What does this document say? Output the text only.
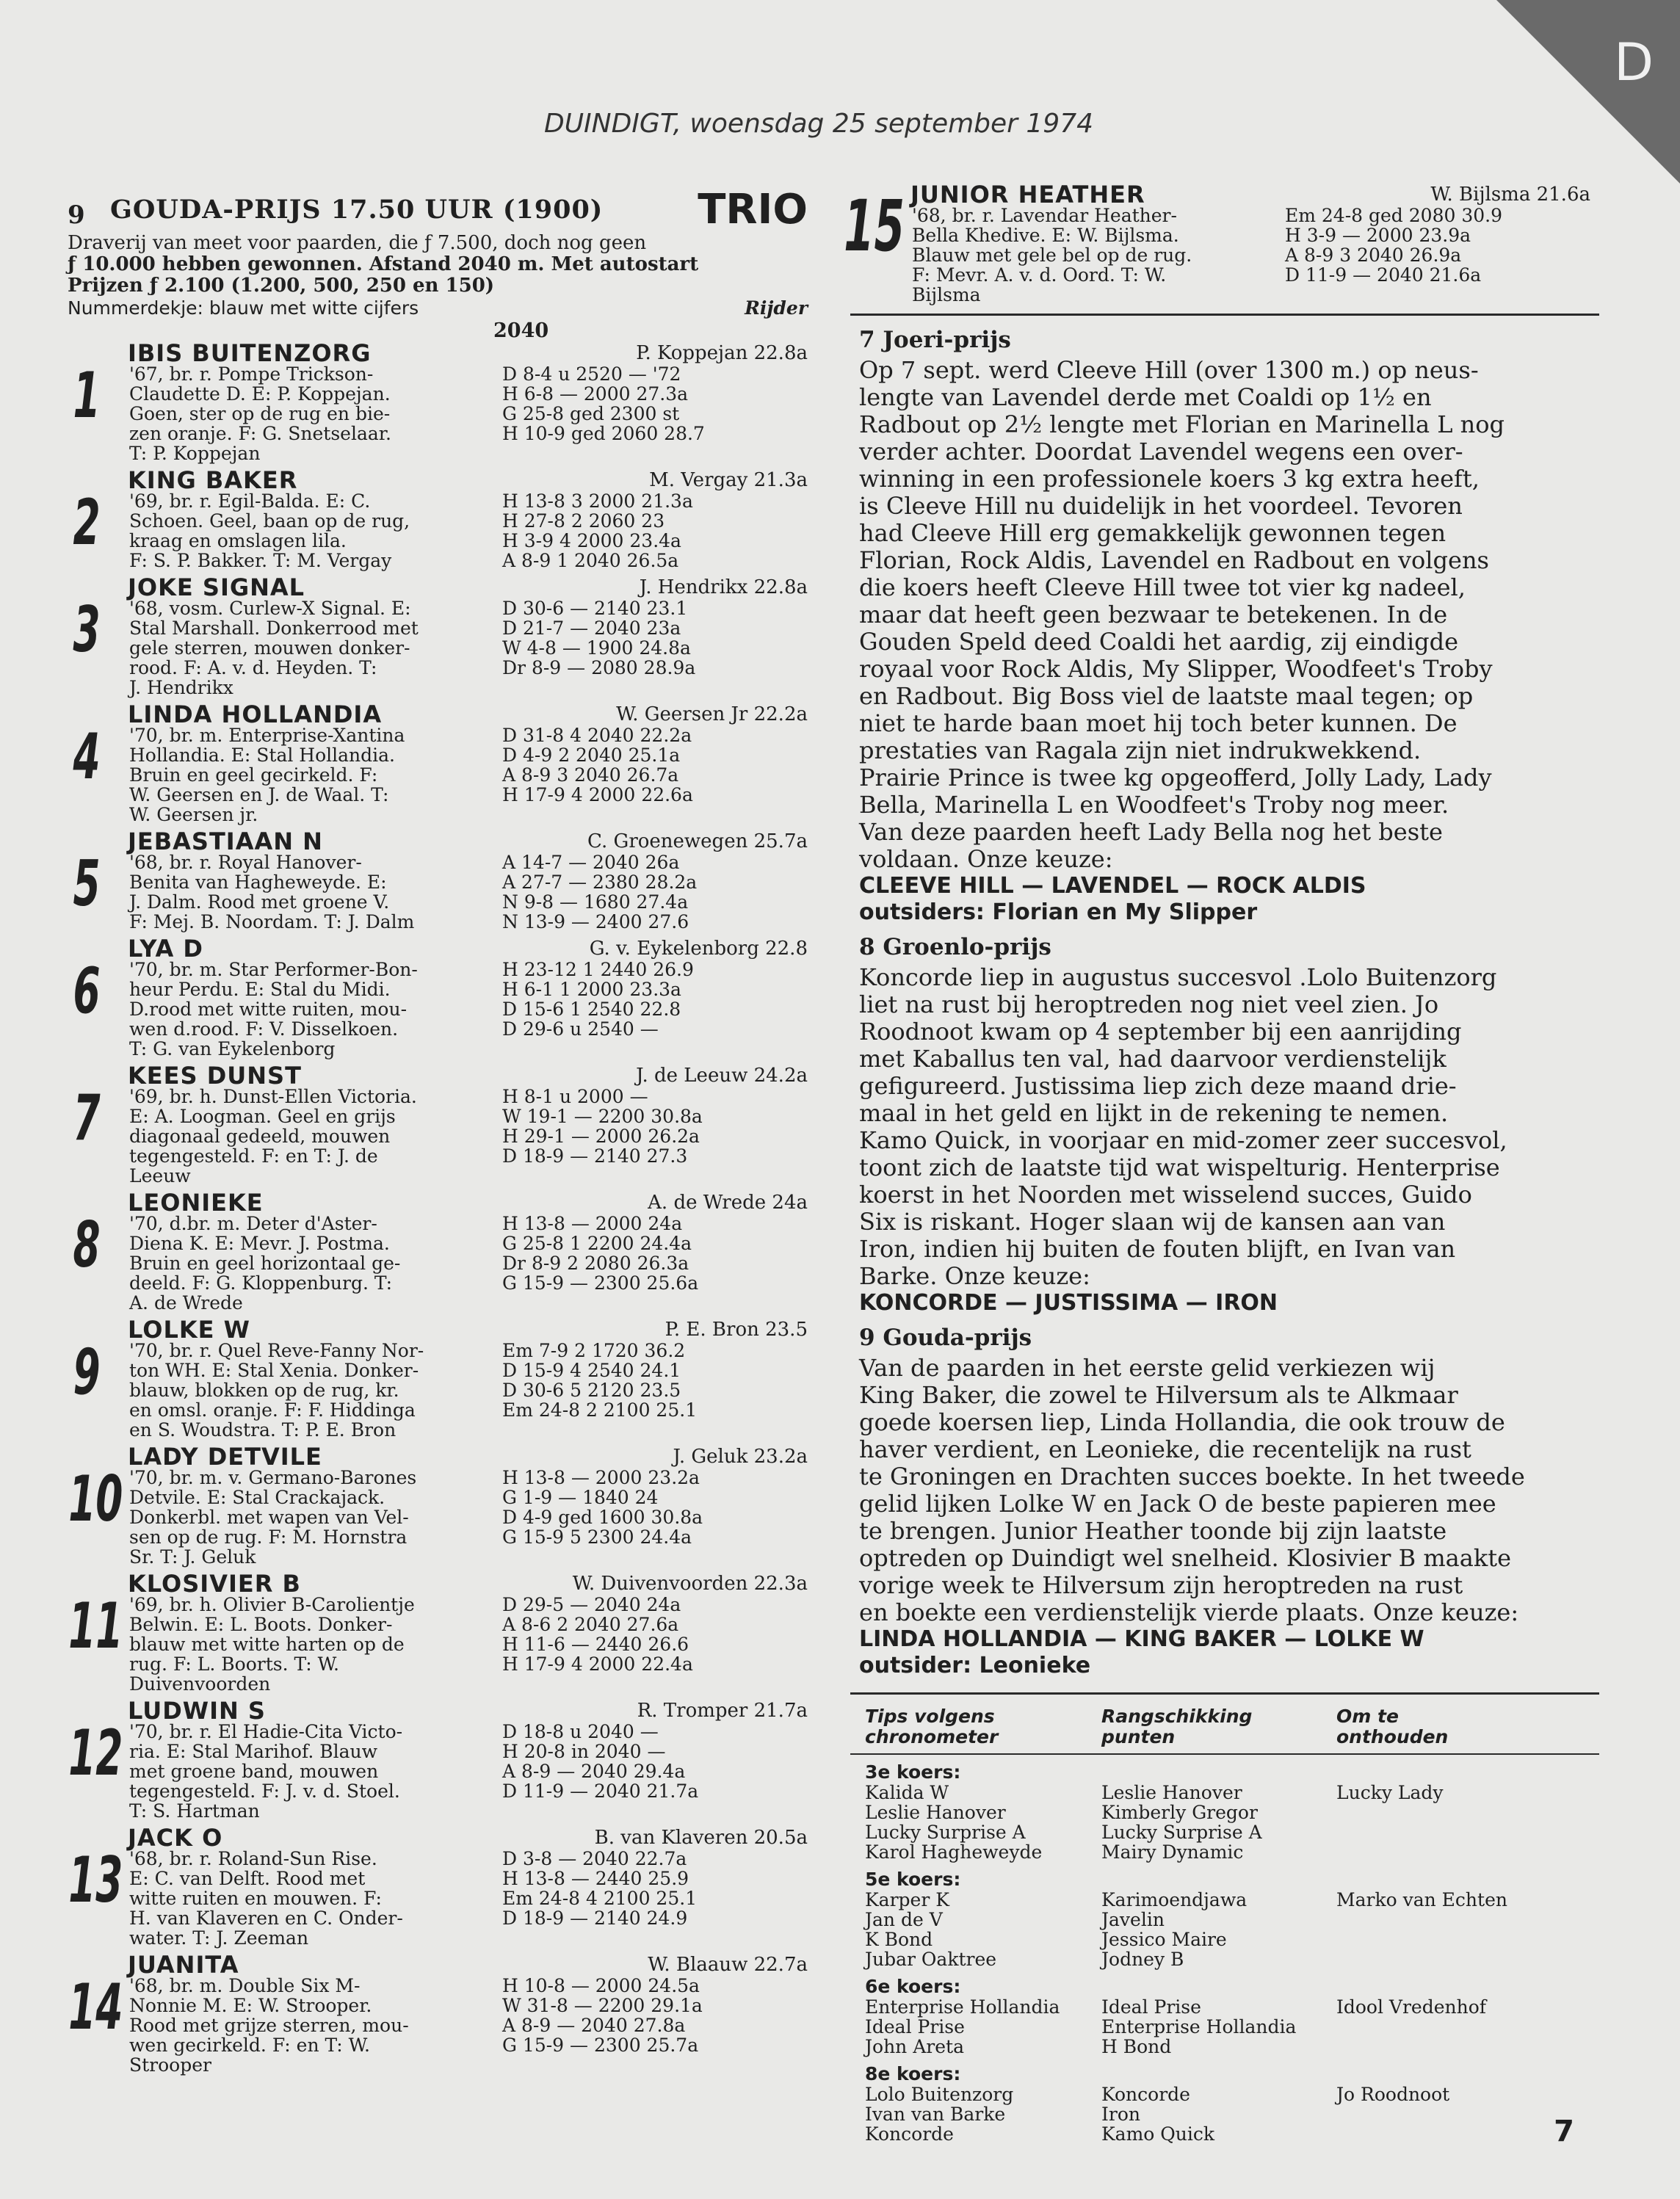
D
DUINDIGT, woensdag 25 september 1974
9 GOUDA-PRIJS 17.50 UUR (1900) TRIO
Draverij van meet voor paarden, die ƒ 7.500, doch nog geen
ƒ 10.000 hebben gewonnen. Afstand 2040 m. Met autostart
Prijzen ƒ 2.100 (1.200, 500, 250 en 150)
Nummerdekje: blauw met witte cijfers	Rijder
2040
1
IBIS BUITENZORG	P. Koppejan 22.8a
'67, br. r. Pompe Trickson-	D 8-4 u 2520 — '72
Claudette D. E: P. Koppejan.	H 6-8 — 2000 27.3a
Goen, ster op de rug en bie-	G 25-8 ged 2300 st
zen oranje. F: G. Snetselaar.	H 10-9 ged 2060 28.7
T: P. Koppejan
2
KING BAKER	M. Vergay 21.3a
'69, br. r. Egil-Balda. E: C.	H 13-8 3 2000 21.3a
Schoen. Geel, baan op de rug,	H 27-8 2 2060 23
kraag en omslagen lila.	H 3-9 4 2000 23.4a
F: S. P. Bakker. T: M. Vergay	A 8-9 1 2040 26.5a
3
JOKE SIGNAL	J. Hendrikx 22.8a
'68, vosm. Curlew-X Signal. E:	D 30-6 — 2140 23.1
Stal Marshall. Donkerrood met	D 21-7 — 2040 23a
gele sterren, mouwen donker-	W 4-8 — 1900 24.8a
rood. F: A. v. d. Heyden. T:	Dr 8-9 — 2080 28.9a
J. Hendrikx
4
LINDA HOLLANDIA	W. Geersen Jr 22.2a
'70, br. m. Enterprise-Xantina	D 31-8 4 2040 22.2a
Hollandia. E: Stal Hollandia.	D 4-9 2 2040 25.1a
Bruin en geel gecirkeld. F:	A 8-9 3 2040 26.7a
W. Geersen en J. de Waal. T:	H 17-9 4 2000 22.6a
W. Geersen jr.
5
JEBASTIAAN N	C. Groenewegen 25.7a
'68, br. r. Royal Hanover-	A 14-7 — 2040 26a
Benita van Hagheweyde. E:	A 27-7 — 2380 28.2a
J. Dalm. Rood met groene V.	N 9-8 — 1680 27.4a
F: Mej. B. Noordam. T: J. Dalm	N 13-9 — 2400 27.6
6
LYA D	G. v. Eykelenborg 22.8
'70, br. m. Star Performer-Bon-	H 23-12 1 2440 26.9
heur Perdu. E: Stal du Midi.	H 6-1 1 2000 23.3a
D.rood met witte ruiten, mou-	D 15-6 1 2540 22.8
wen d.rood. F: V. Disselkoen.	D 29-6 u 2540 —
T: G. van Eykelenborg
7
KEES DUNST	J. de Leeuw 24.2a
'69, br. h. Dunst-Ellen Victoria.	H 8-1 u 2000 —
E: A. Loogman. Geel en grijs	W 19-1 — 2200 30.8a
diagonaal gedeeld, mouwen	H 29-1 — 2000 26.2a
tegengesteld. F: en T: J. de	D 18-9 — 2140 27.3
Leeuw
8
LEONIEKE	A. de Wrede 24a
'70, d.br. m. Deter d'Aster-	H 13-8 — 2000 24a
Diena K. E: Mevr. J. Postma.	G 25-8 1 2200 24.4a
Bruin en geel horizontaal ge-	Dr 8-9 2 2080 26.3a
deeld. F: G. Kloppenburg. T:	G 15-9 — 2300 25.6a
A. de Wrede
9
LOLKE W	P. E. Bron 23.5
'70, br. r. Quel Reve-Fanny Nor-	Em 7-9 2 1720 36.2
ton WH. E: Stal Xenia. Donker-	D 15-9 4 2540 24.1
blauw, blokken op de rug, kr.	D 30-6 5 2120 23.5
en omsl. oranje. F: F. Hiddinga	Em 24-8 2 2100 25.1
en S. Woudstra. T: P. E. Bron
10
LADY DETVILE	J. Geluk 23.2a
'70, br. m. v. Germano-Barones	H 13-8 — 2000 23.2a
Detvile. E: Stal Crackajack.	G 1-9 — 1840 24
Donkerbl. met wapen van Vel-	D 4-9 ged 1600 30.8a
sen op de rug. F: M. Hornstra	G 15-9 5 2300 24.4a
Sr. T: J. Geluk
11
KLOSIVIER B	W. Duivenvoorden 22.3a
'69, br. h. Olivier B-Carolientje	D 29-5 — 2040 24a
Belwin. E: L. Boots. Donker-	A 8-6 2 2040 27.6a
blauw met witte harten op de	H 11-6 — 2440 26.6
rug. F: L. Boorts. T: W.	H 17-9 4 2000 22.4a
Duivenvoorden
12
LUDWIN S	R. Trompe​r 21.7a
'70, br. r. El Hadie-Cita Victo-	D 18-8 u 2040 —
ria. E: Stal Marihof. Blauw	H 20-8 in 2040 —
met groene band, mouwen	A 8-9 — 2040 29.4a
tegengesteld. F: J. v. d. Stoel.	D 11-9 — 2040 21.7a
T: S. Hartman
13
JACK O	B. van Klaveren 20.5a
'68, br. r. Roland-Sun Rise.	D 3-8 — 2040 22.7a
E: C. van Delft. Rood met	H 13-8 — 2440 25.9
witte ruiten en mouwen. F:	Em 24-8 4 2100 25.1
H. van Klaveren en C. Onder-	D 18-9 — 2140 24.9
water. T: J. Zeeman
14
JUANITA	W. Blaauw 22.7a
'68, br. m. Double Six M-	H 10-8 — 2000 24.5a
Nonnie M. E: W. Strooper.	W 31-8 — 2200 29.1a
Rood met grijze sterren, mou-	A 8-9 — 2040 27.8a
wen gecirkeld. F: en T: W.	G 15-9 — 2300 25.7a
Strooper
15 JUNIOR HEATHER	W. Bijlsma 21.6a
'68, br. r. Lavendar Heather-	Em 24-8 ged 2080 30.9
Bella Khedive. E: W. Bijlsma.	H 3-9 — 2000 23.9a
Blauw met gele bel op de rug.	A 8-9 3 2040 26.9a
F: Mevr. A. v. d. Oord. T: W.	D 11-9 — 2040 21.6a
Bijlsma
7 Joeri-prijs
Op 7 sept. werd Cleeve Hill (over 1300 m.) op neus-
lengte van Lavendel derde met Coaldi op 1½ en
Radbout op 2½ lengte met Florian en Marinella L nog
verder achter. Doordat Lavendel wegens een over-
winning in een professionele koers 3 kg extra heeft,
is Cleeve Hill nu duidelijk in het voordeel. Tevoren
had Cleeve Hill erg gemakkelijk gewonnen tegen
Florian, Rock Aldis, Lavendel en Radbout en volgens
die koers heeft Cleeve Hill twee tot vier kg nadeel,
maar dat heeft geen bezwaar te betekenen. In de
Gouden Speld deed Coaldi het aardig, zij eindigde
royaal voor Rock Aldis, My Slipper, Woodfeet's Troby
en Radbout. Big Boss viel de laatste maal tegen; op
niet te harde baan moet hij toch beter kunnen. De
prestaties van Ragala zijn niet indrukwekkend.
Prairie Prince is twee kg opgeofferd, Jolly Lady, Lady
Bella, Marinella L en Woodfeet's Troby nog meer.
Van deze paarden heeft Lady Bella nog het beste
voldaan. Onze keuze:
CLEEVE HILL — LAVENDEL — ROCK ALDIS
outsiders: Florian en My Slipper
8 Groenlo-prijs
Koncorde liep in augustus succesvol .Lolo Buitenzorg
liet na rust bij heroptreden nog niet veel zien. Jo
Roodnoot kwam op 4 september bij een aanrijding
met Kaballus ten val, had daarvoor verdienstelijk
gefigureerd. Justissima liep zich deze maand drie-
maal in het geld en lijkt in de rekening te nemen.
Kamo Quick, in voorjaar en mid-zomer zeer succesvol,
toont zich de laatste tijd wat wispelturig. Henterprise
koerst in het Noorden met wisselend succes, Guido
Six is riskant. Hoger slaan wij de kansen aan van
Iron, indien hij buiten de fouten blijft, en Ivan van
Barke. Onze keuze:
KONCORDE — JUSTISSIMA — IRON
9 Gouda-prijs
Van de paarden in het eerste gelid verkiezen wij
King Baker, die zowel te Hilversum als te Alkmaar
goede koersen liep, Linda Hollandia, die ook trouw de
haver verdient, en Leonieke, die recentelijk na rust
te Groningen en Drachten succes boekte. In het tweede
gelid lijken Lolke W en Jack O de beste papieren mee
te brengen. Junior Heather toonde bij zijn laatste
optreden op Duindigt wel snelheid. Klosivier B maakte
vorige week te Hilversum zijn heroptreden na rust
en boekte een verdienstelijk vierde plaats. Onze keuze:
LINDA HOLLANDIA — KING BAKER — LOLKE W
outsider: Leonieke
Tips volgens
chronometer
Rangschikking
punten
Om te
onthouden
3e koers:
Kalida W	Leslie Hanover	Lucky Lady
Leslie Hanover	Kimberly Gregor
Lucky Surprise A	Lucky Surprise A
Karol Hagheweyde	Mairy Dynamic
5e koers:
Karper K	Karimoendjawa	Marko van Echten
Jan de V	Javelin
K Bond	Jessico Maire
Jubar Oaktree	Jodney B
6e koers:
Enterprise Hollandia	Ideal Prise	Idool Vredenhof
Ideal Prise	Enterprise Hollandia
John Areta	H Bond
8e koers:
Lolo Buitenzorg	Koncorde	Jo Roodnoot
Ivan van Barke	Iron
Koncorde	Kamo Quick	7
